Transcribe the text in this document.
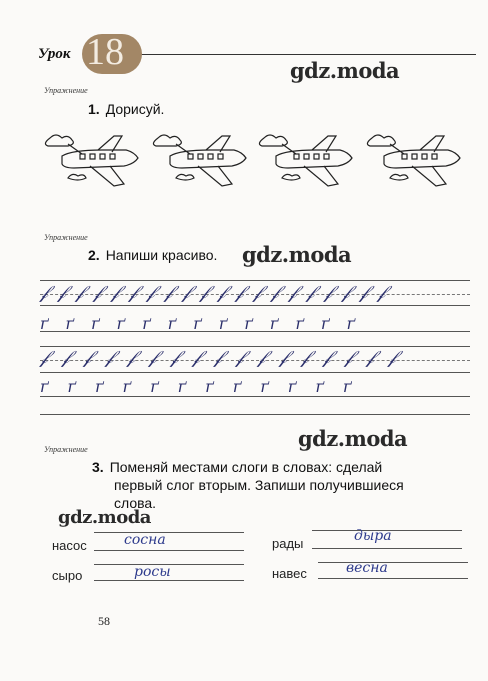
Урок 18	gdz.moda
Упражнение
1. Дорисуй.
Упражнение
2. Напиши красиво. gdz.moda
𝒻 𝒻 𝒻 𝒻 𝒻 𝒻 𝒻 𝒻 𝒻 𝒻 𝒻 𝒻 𝒻 𝒻 𝒻 𝒻 𝒻 𝒻 𝒻 𝒻
ґ ґ ґ ґ ґ ґ ґ ґ ґ ґ ґ ґ ґ
𝒻 𝒻 𝒻 𝒻 𝒻 𝒻 𝒻 𝒻 𝒻 𝒻 𝒻 𝒻 𝒻 𝒻 𝒻 𝒻 𝒻
ґ ґ ґ ґ ґ ґ ґ ґ ґ ґ ґ ґ
gdz.moda
Упражнение
3. Поменяй местами слоги в словах: сделай
первый слог вторым. Запиши получившиеся
слова.
gdz.moda
насос	сосна	рады	дыра
сыро	росы	навес	весна
58
